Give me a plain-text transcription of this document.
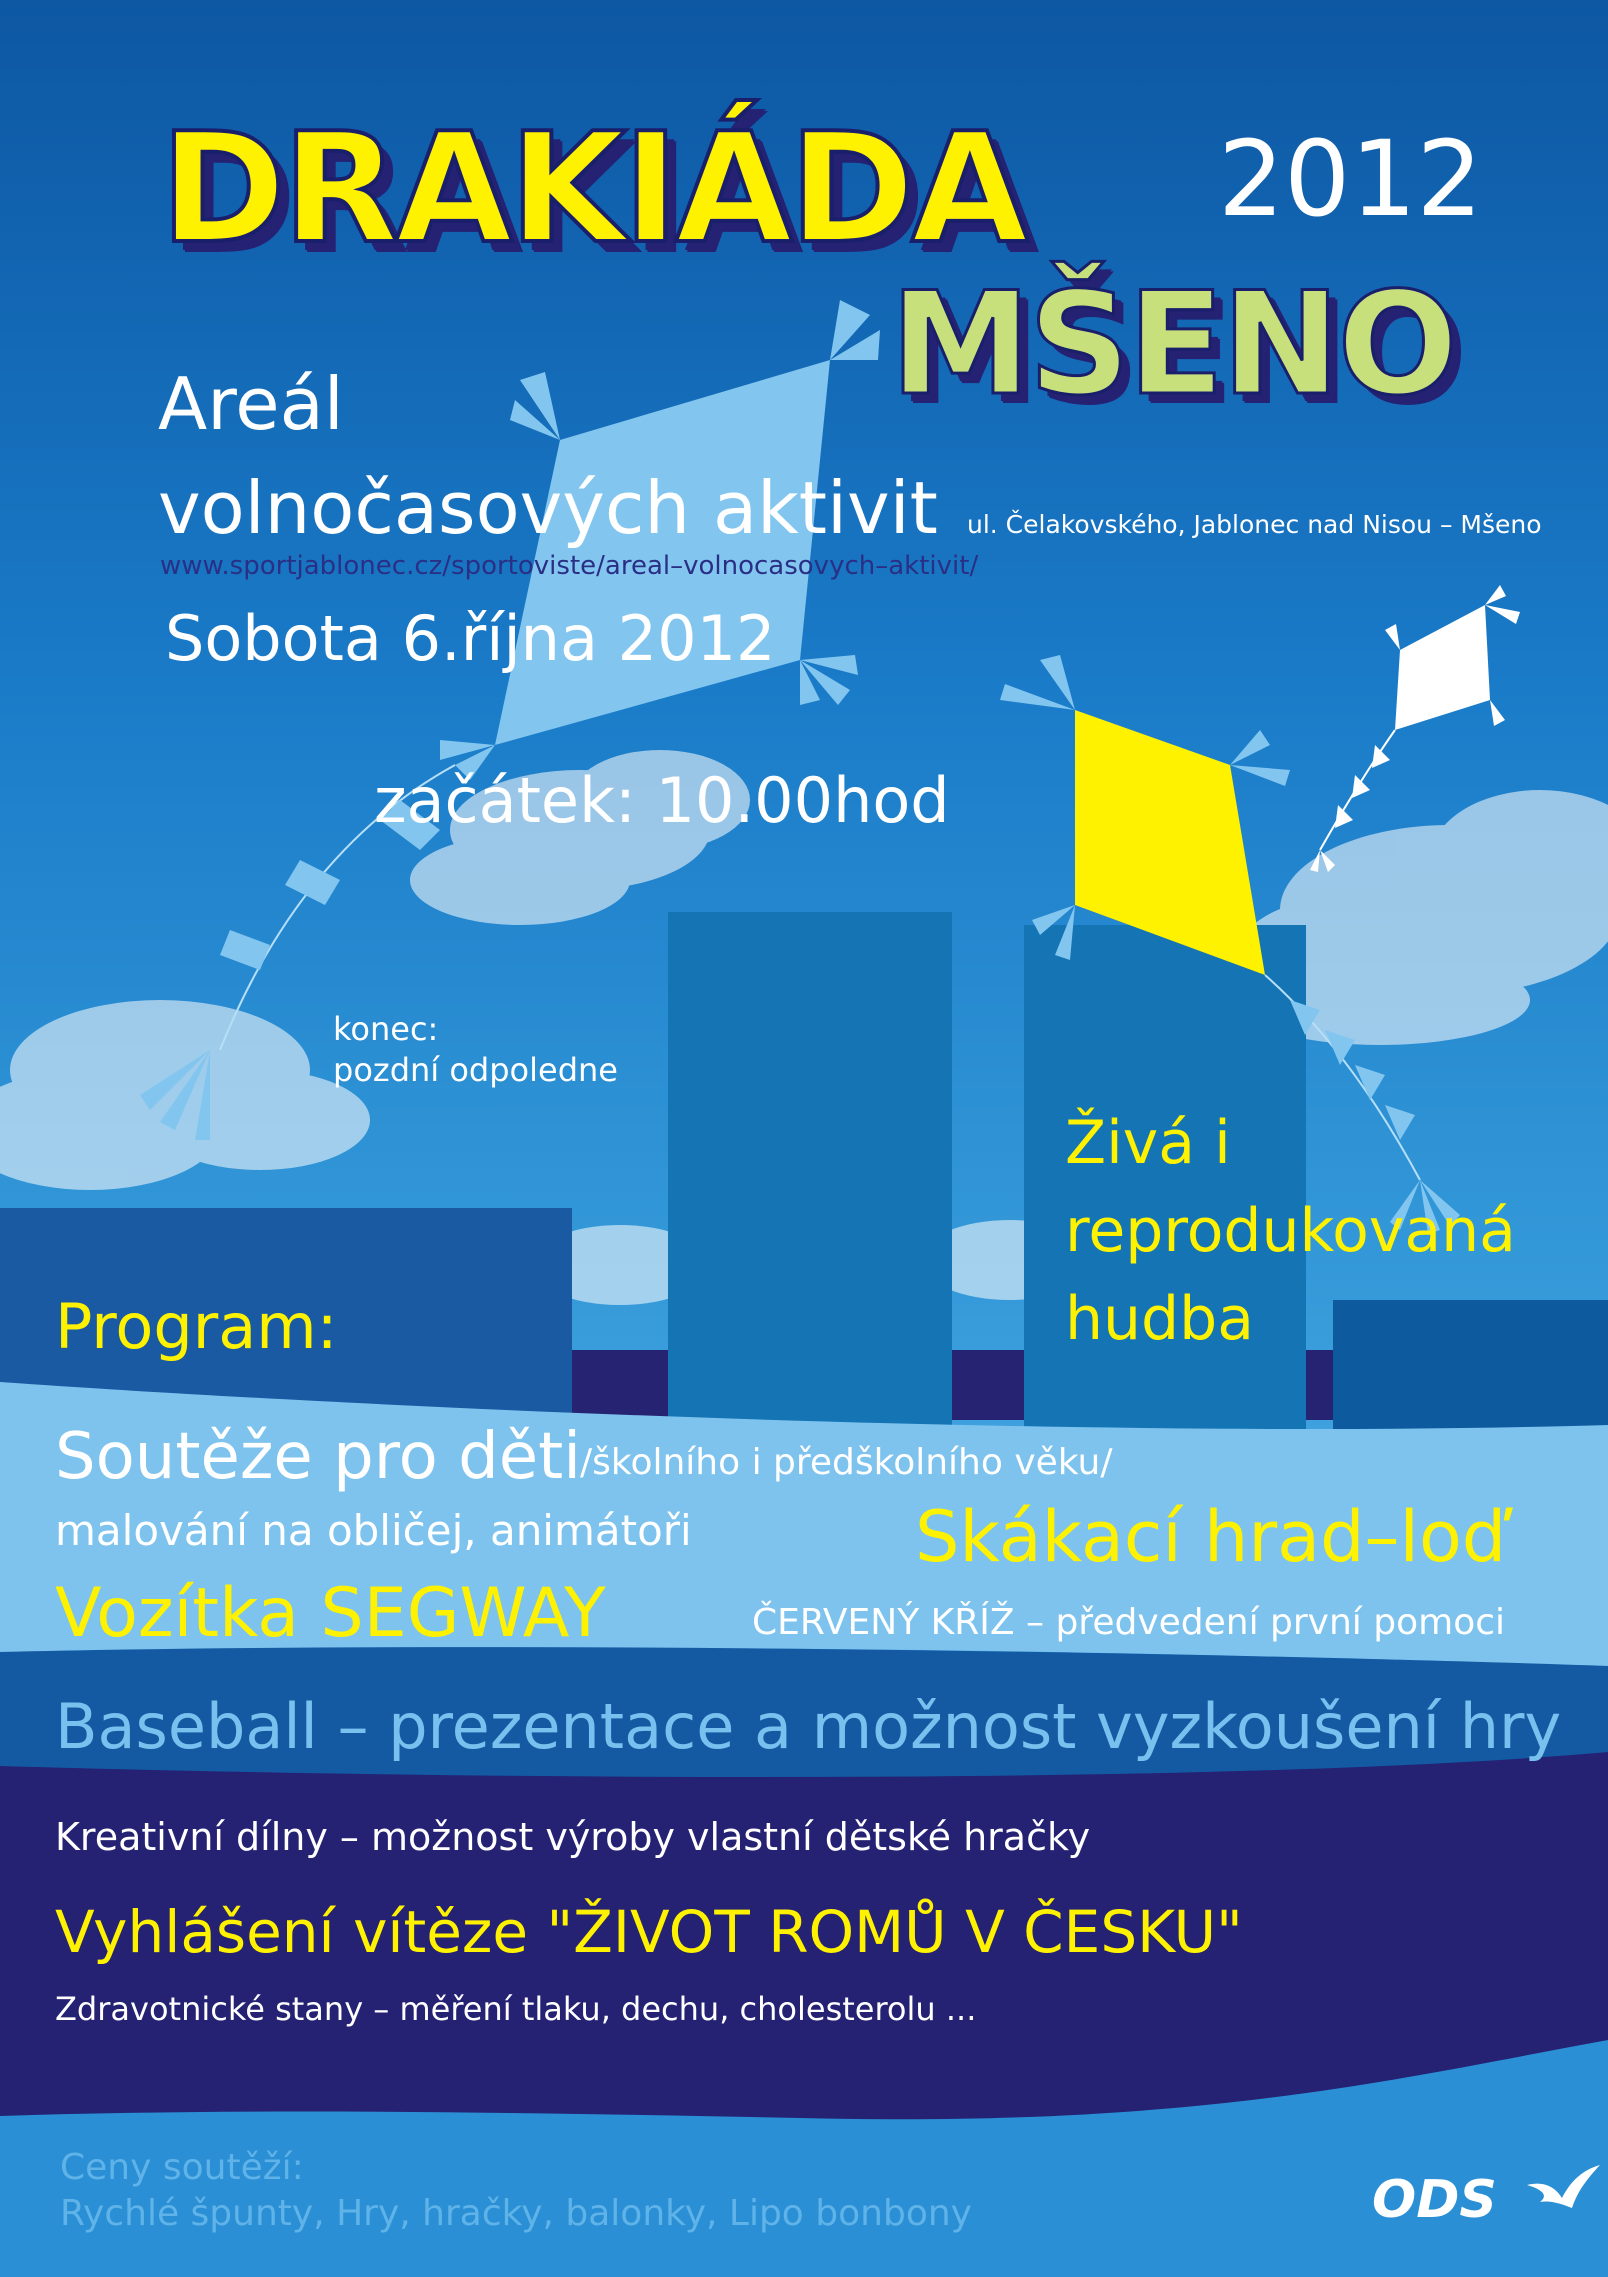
DRAKIÁDA 2012

MŠENO

Areál

volnočasových aktivit ul. Čelakovského, Jablonec nad Nisou – Mšeno

www.sportjablonec.cz/sportoviste/areal–volnocasovych–aktivit/

Sobota 6.října 2012

začátek: 10.00hod

konec:

pozdní odpoledne

Živá i

reprodukovaná

hudba

Program:

Soutěže pro děti

/školního i předškolního věku/

malování na obličej, animátoři	Skákací hrad–loď

Vozítka SEGWAY	ČERVENÝ KŘÍŽ – předvedení první pomoci

Baseball – prezentace a možnost vyzkoušení hry

Kreativní dílny – možnost výroby vlastní dětské hračky

Vyhlášení vítěze "ŽIVOT ROMŮ V ČESKU"

Zdravotnické stany – měření tlaku, dechu, cholesterolu ...

Ceny soutěží:

Rychlé špunty, Hry, hračky, balonky, Lipo bonbony	ODS
